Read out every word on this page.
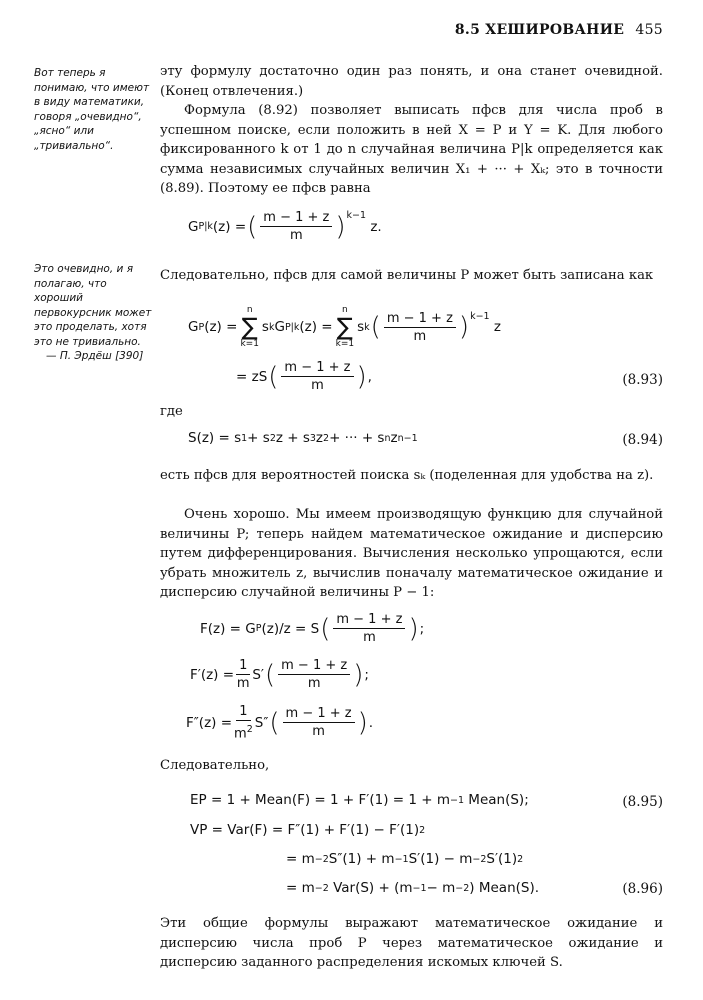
8.5 ХЕШИРОВАНИЕ 455
Вот теперь я понимаю, что имеют в виду математики, говоря „очевидно“, „ясно“ или „тривиально“.
Это очевидно, и я полагаю, что хороший первокурсник может это проделать, хотя это не тривиально.
— П. Эрдёш [390]
эту формулу достаточно один раз понять, и она станет очевидной. (Конец отвлечения.)
Формула (8.92) позволяет выписать пфсв для числа проб в успешном поиске, если положить в ней X = P и Y = K. Для любого фиксированного k от 1 до n случайная величина P|k определяется как сумма независимых случайных величин X₁ + ··· + Xₖ; это в точности (8.89). Поэтому ее пфсв равна
G P|k (z) = ( $\frac{m - 1 + z}{m} )^{k-1}$
z.
Следовательно, пфсв для самой величины P может быть записана как
G P (z) =
n
∑
k=1
s k G P|k (z) =
n
∑
k=1
s k ( $\frac{m - 1 + z}{m} )^{k-1}$
z
= zS ( $\frac{m - 1 + z}{m}$ ) ,	(8.93)
где
S(z) = s 1 + s 2 z + s 3 z 2 + ··· + s n z n−1	(8.94)
есть пфсв для вероятностей поиска sₖ (поделенная для удобства на z).
Очень хорошо. Мы имеем производящую функцию для случайной величины P; теперь найдем математическое ожидание и дисперсию путем дифференцирования. Вычисления несколько упрощаются, если убрать множитель z, вычислив поначалу математическое ожидание и дисперсию случайной величины P − 1:
F(z) = G P (z)/z = S ( $\frac{m - 1 + z}{m}$ ) ;
$F'(z) = \frac{1}{m} S'$ ( $\frac{m - 1 + z}{m}$ ) ;
$F''(z) = \frac{1}{m^2} S''$ ( $\frac{m - 1 + z}{m}$ ) .
Следовательно,
EP = 1 + Mean(F) = 1 + F′(1) = 1 + m −1 Mean(S);	(8.95)
VP = Var(F) = F″(1) + F′(1) − F′(1) 2
= m −2 S″(1) + m −1 S′(1) − m −2 S′(1) 2
= m −2 Var(S) + (m −1 − m −2 ) Mean(S).	(8.96)
Эти общие формулы выражают математическое ожидание и дисперсию числа проб P через математическое ожидание и дисперсию заданного распределения искомых ключей S.
